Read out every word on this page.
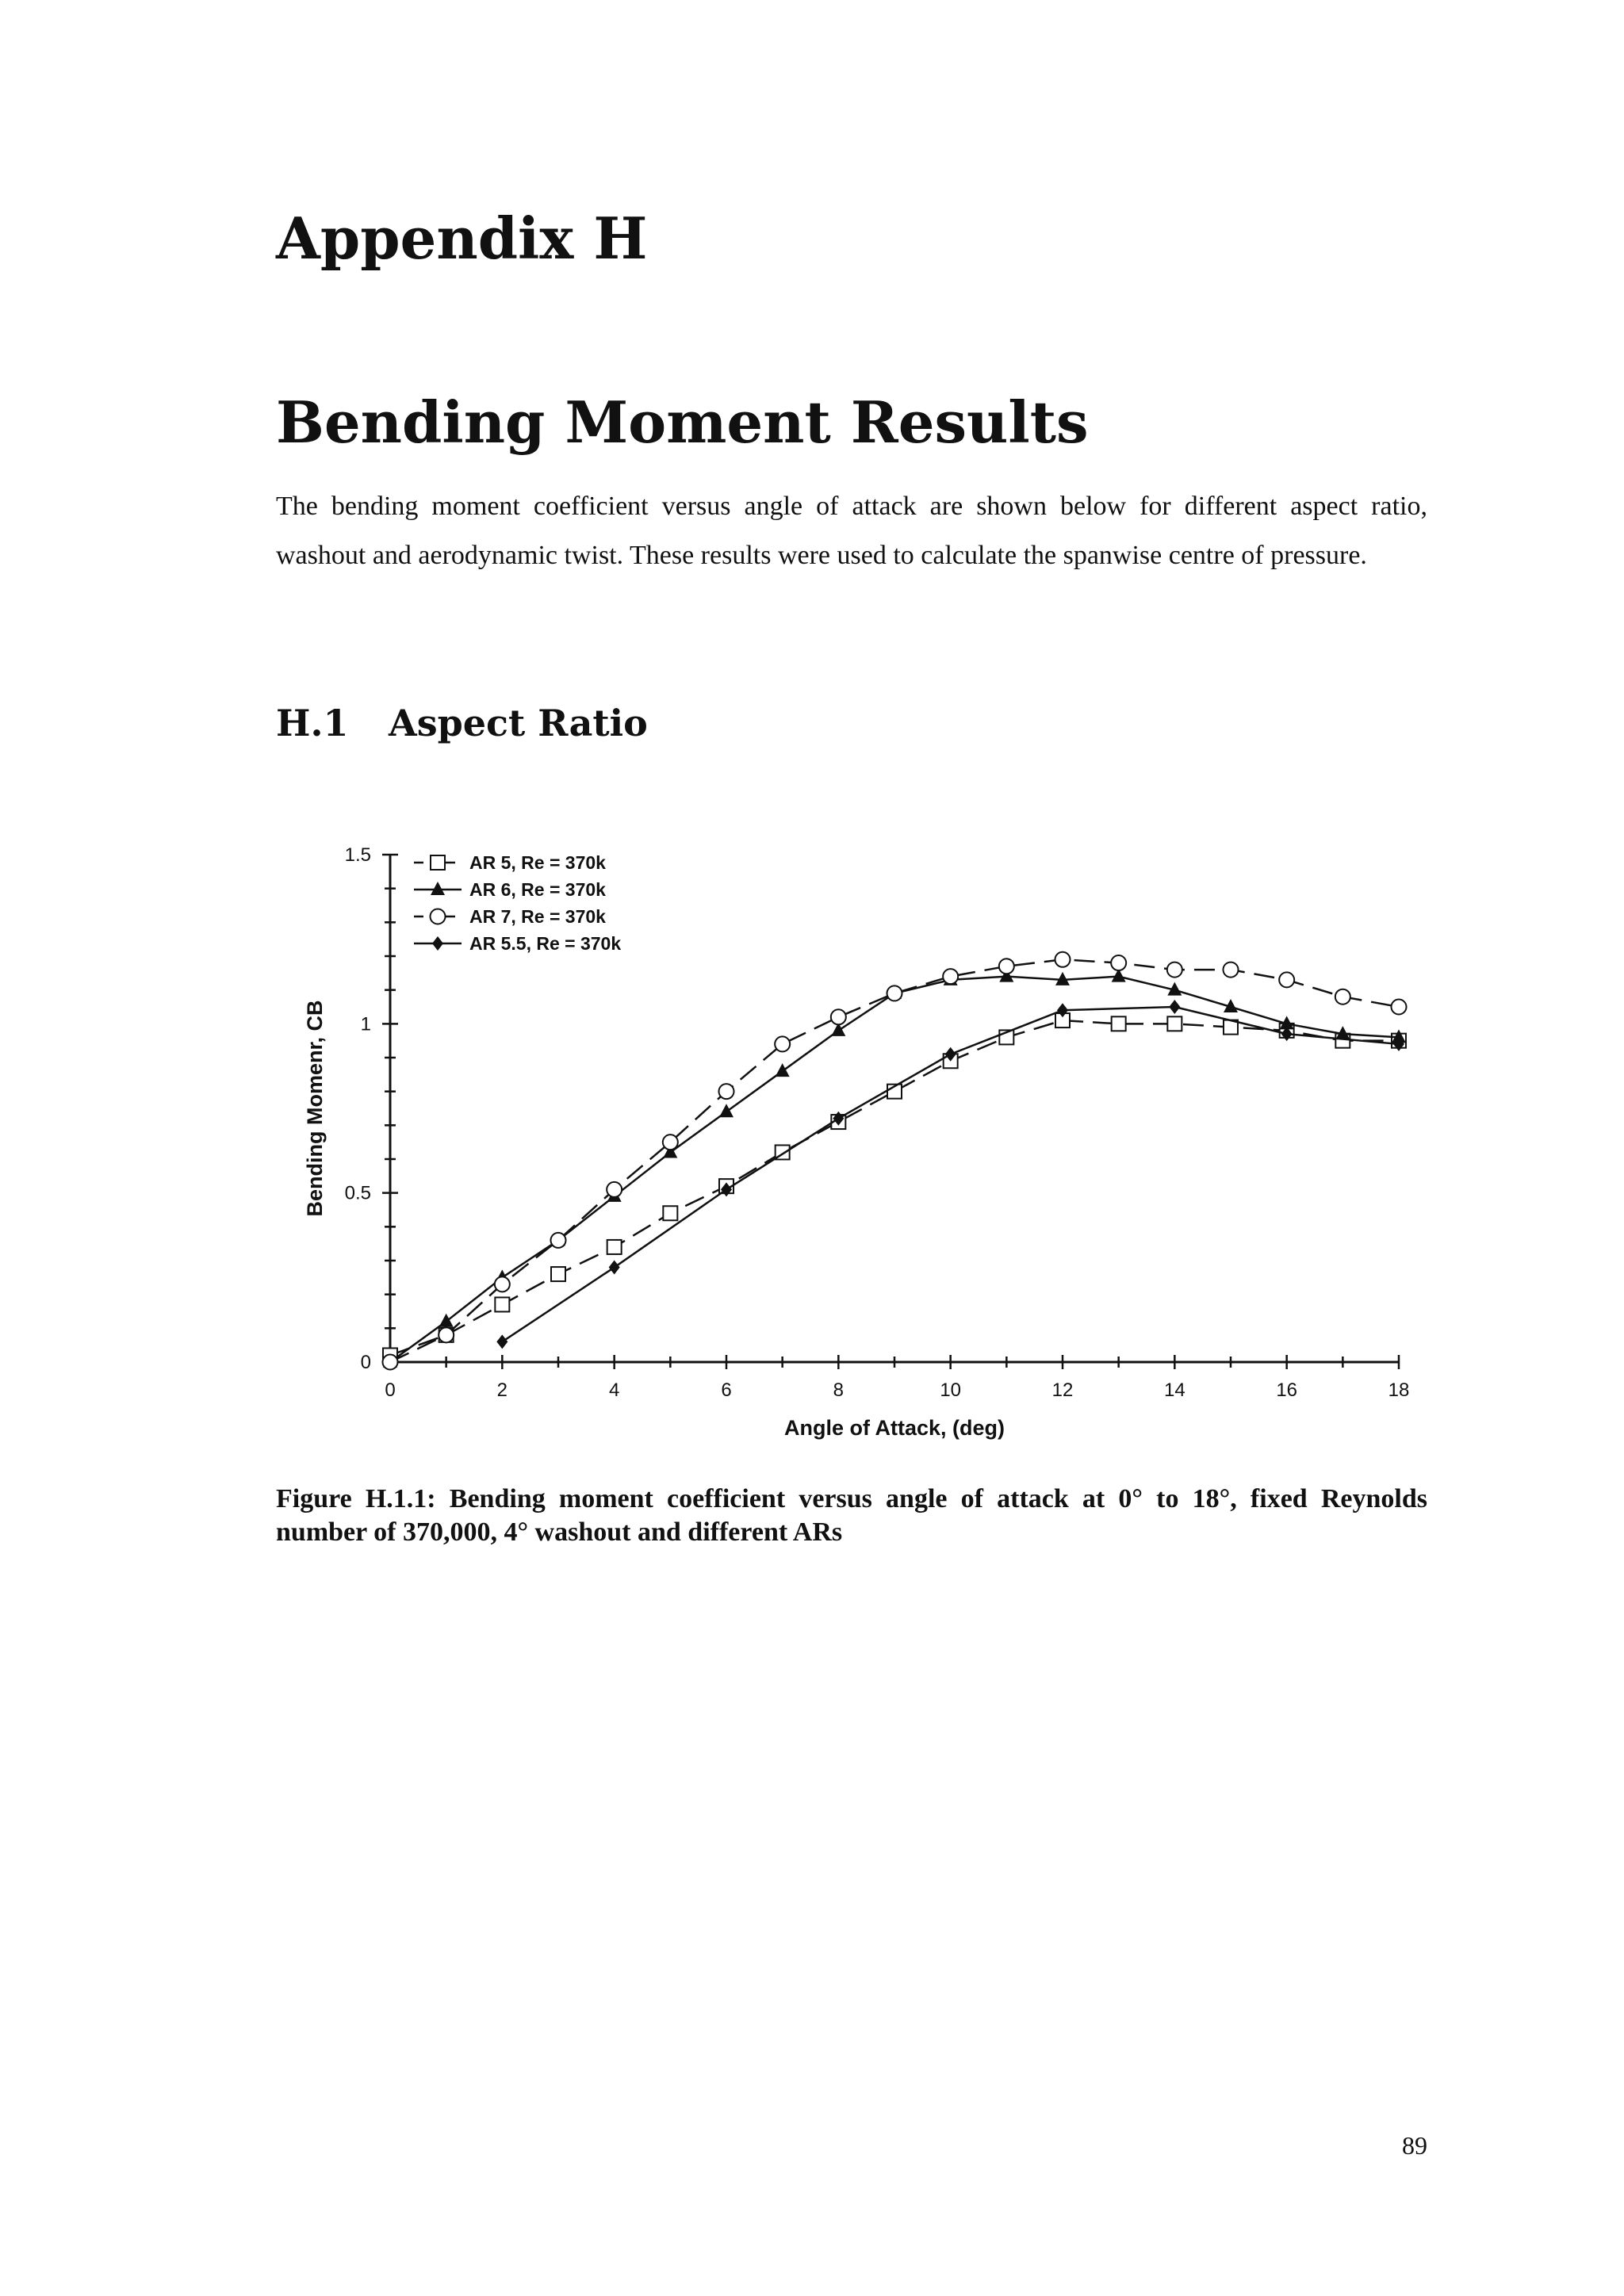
Appendix H
Bending Moment Results

The bending moment coefficient versus angle of attack are shown below for different aspect ratio, washout and aerodynamic twist. These results were used to calculate the spanwise centre of pressure.

H.1 Aspect Ratio
0	2	4	6	8	10	12	14	16	18
0
0.5
1
1.5	AR 5, Re = 370k
AR 6, Re = 370k
AR 7, Re = 370k
AR 5.5, Re = 370k
Angle of Attack, (deg)
Bending Momenr, CB

Figure H.1.1: Bending moment coefficient versus angle of attack at 0° to 18°, fixed Reynolds number of 370,000, 4° washout and different ARs

89
